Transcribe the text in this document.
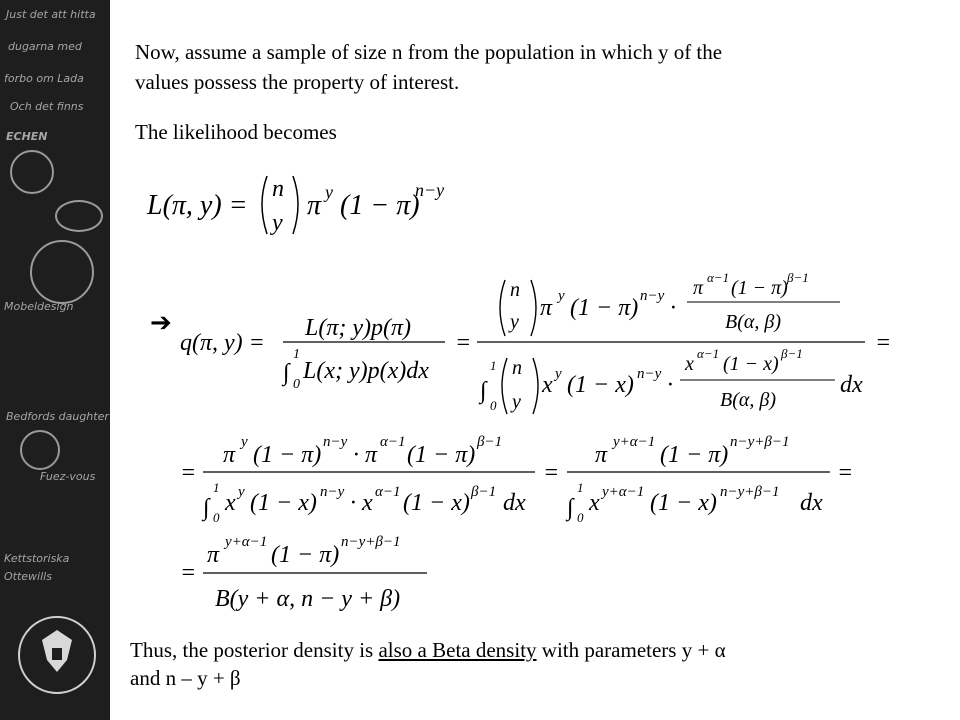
Just det att hitta
dugarna med
forbo om Lada
Och det finns
ECHEN
Mobeldesign
Bedfords daughter
Fuez-vous
Kettstoriska
Ottewills
Now, assume a sample of size n from the population in which y of the
values possess the property of interest.
The likelihood becomes
L(π, y) =
n
y
π y (1 − π)
n−y
➔
q(π, y) =
L(π; y)p(π)
∫
1
0
L(x; y)p(x)dx
=
n
y
π y (1 − π) n−y ·
π α−1 (1 − π) β−1
B(α, β)
∫
1
0
n
y
x y (1 − x) n−y ·
x α−1 (1 − x) β−1
B(α, β)
dx
=
=
π y (1 − π) n−y · π α−1 (1 − π) β−1
∫
1
0
x y (1 − x) n−y · x α−1 (1 − x) β−1 dx
=
π y+α−1 (1 − π) n−y+β−1
∫
1
0
x y+α−1 (1 − x) n−y+β−1 dx
=
=
π y+α−1 (1 − π) n−y+β−1
B(y + α, n − y + β)
Thus, the posterior density is also a Beta density with parameters y + α
and n – y + β
